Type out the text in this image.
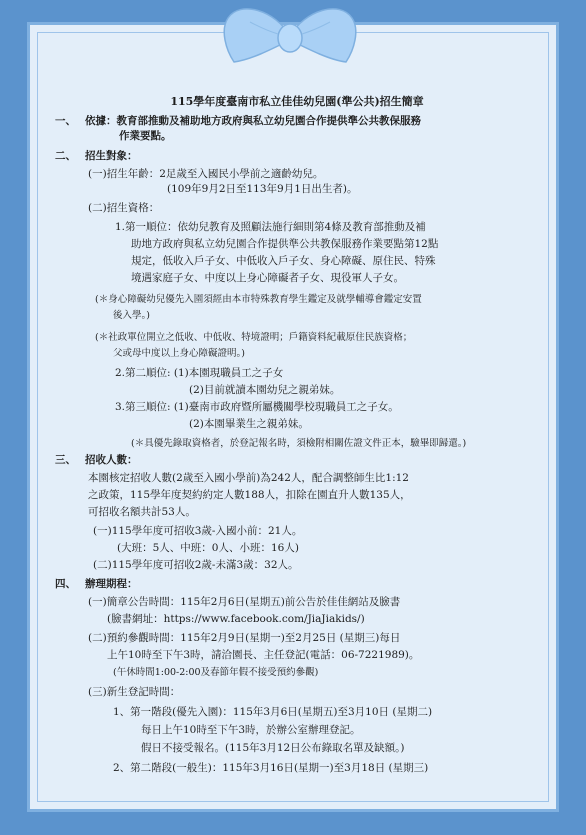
115學年度臺南市私立佳佳幼兒園(準公共)招生簡章
一、 依據：教育部推動及補助地方政府與私立幼兒園合作提供準公共教保服務
作業要點。
二、 招生對象：
(一)招生年齡：2足歲至入國民小學前之適齡幼兒。
(109年9月2日至113年9月1日出生者)。
(二)招生資格：
1.第一順位：依幼兒教育及照顧法施行細則第4條及教育部推動及補
助地方政府與私立幼兒園合作提供準公共教保服務作業要點第12點
規定，低收入戶子女、中低收入戶子女、身心障礙、原住民、特殊
境遇家庭子女、中度以上身心障礙者子女、現役軍人子女。
(＊身心障礙幼兒優先入園須經由本市特殊教育學生鑑定及就學輔導會鑑定安置
後入學。)
(＊社政單位開立之低收、中低收、特境證明；戶籍資料紀載原住民族資格；
父或母中度以上身心障礙證明。)
2.第二順位: (1)本園現職員工之子女
(2)目前就讀本園幼兒之親弟妹。
3.第三順位: (1)臺南市政府暨所屬機關學校現職員工之子女。
(2)本園畢業生之親弟妹。
(＊具優先錄取資格者，於登記報名時，須檢附相關佐證文件正本，驗畢即歸還。)
三、 招收人數：
本園核定招收人數(2歲至入國小學前)為242人，配合調整師生比1:12
之政策，115學年度契約約定人數188人，扣除在園直升人數135人，
可招收名額共計53人。
(一)115學年度可招收3歲-入國小前：21人。
(大班：5人、中班：0人、小班：16人)
(二)115學年度可招收2歲-未滿3歲：32人。
四、 辦理期程：
(一)簡章公告時間：115年2月6日(星期五)前公告於佳佳網站及臉書
(臉書網址：https://www.facebook.com/JiaJiakids/)
(二)預約參觀時間：115年2月9日(星期一)至2月25日 (星期三)每日
上午10時至下午3時，請洽園長、主任登記(電話：06-7221989)。
(午休時間1:00-2:00及春節年假不接受預約參觀)
(三)新生登記時間：
1、第一階段(優先入園)：115年3月6日(星期五)至3月10日 (星期二)
每日上午10時至下午3時，於辦公室辦理登記。
假日不接受報名。(115年3月12日公布錄取名單及缺額。)
2、第二階段(一般生)：115年3月16日(星期一)至3月18日 (星期三)
